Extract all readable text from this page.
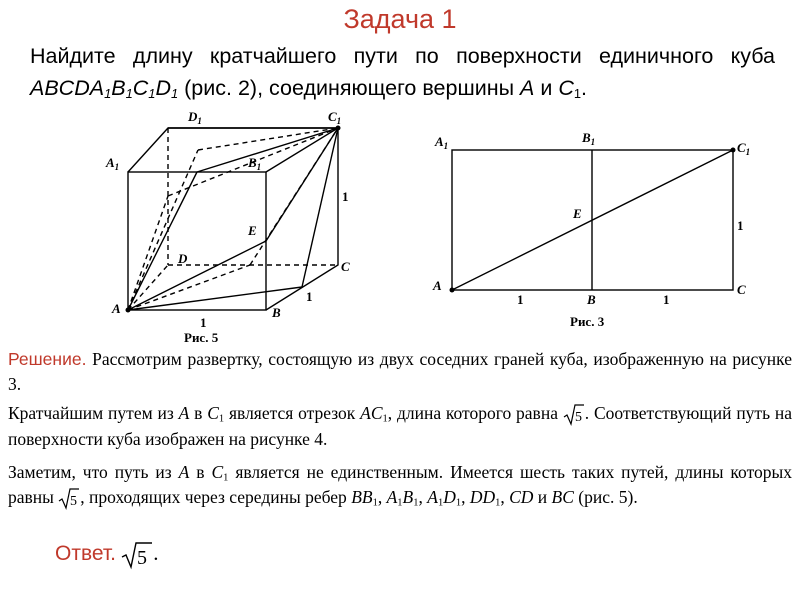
Задача 1
Найдите длину кратчайшего пути по поверхности единичного куба $ABCDA_1B_1C_1D_1$ (рис. 2), соединяющего вершины A и $C_1$.
$A_1$
$D_1$	$C_1$
$B_1$
E
D
C
A	B
1
1
1
Рис. 5
$A_1$
$B_1$	$C_1$
E
A
B
C
1	1
1
Рис. 3
Решение. Рассмотрим развертку, состоящую из двух соседних граней куба, изображенную на рисунке 3.
Кратчайшим путем из A в $C_1$ является отрезок $AC_1$, длина которого равна 5 . Соответствующий путь на поверхности куба изображен на рисунке 4.
Заметим, что путь из A в $C_1$ является не единственным. Имеется шесть таких путей, длины которых равны 5 , проходящих через середины ребер $BB_1$, $A_1B_1$, $A_1D_1$, $DD_1$, CD и BC (рис. 5).
Ответ. 5 .
